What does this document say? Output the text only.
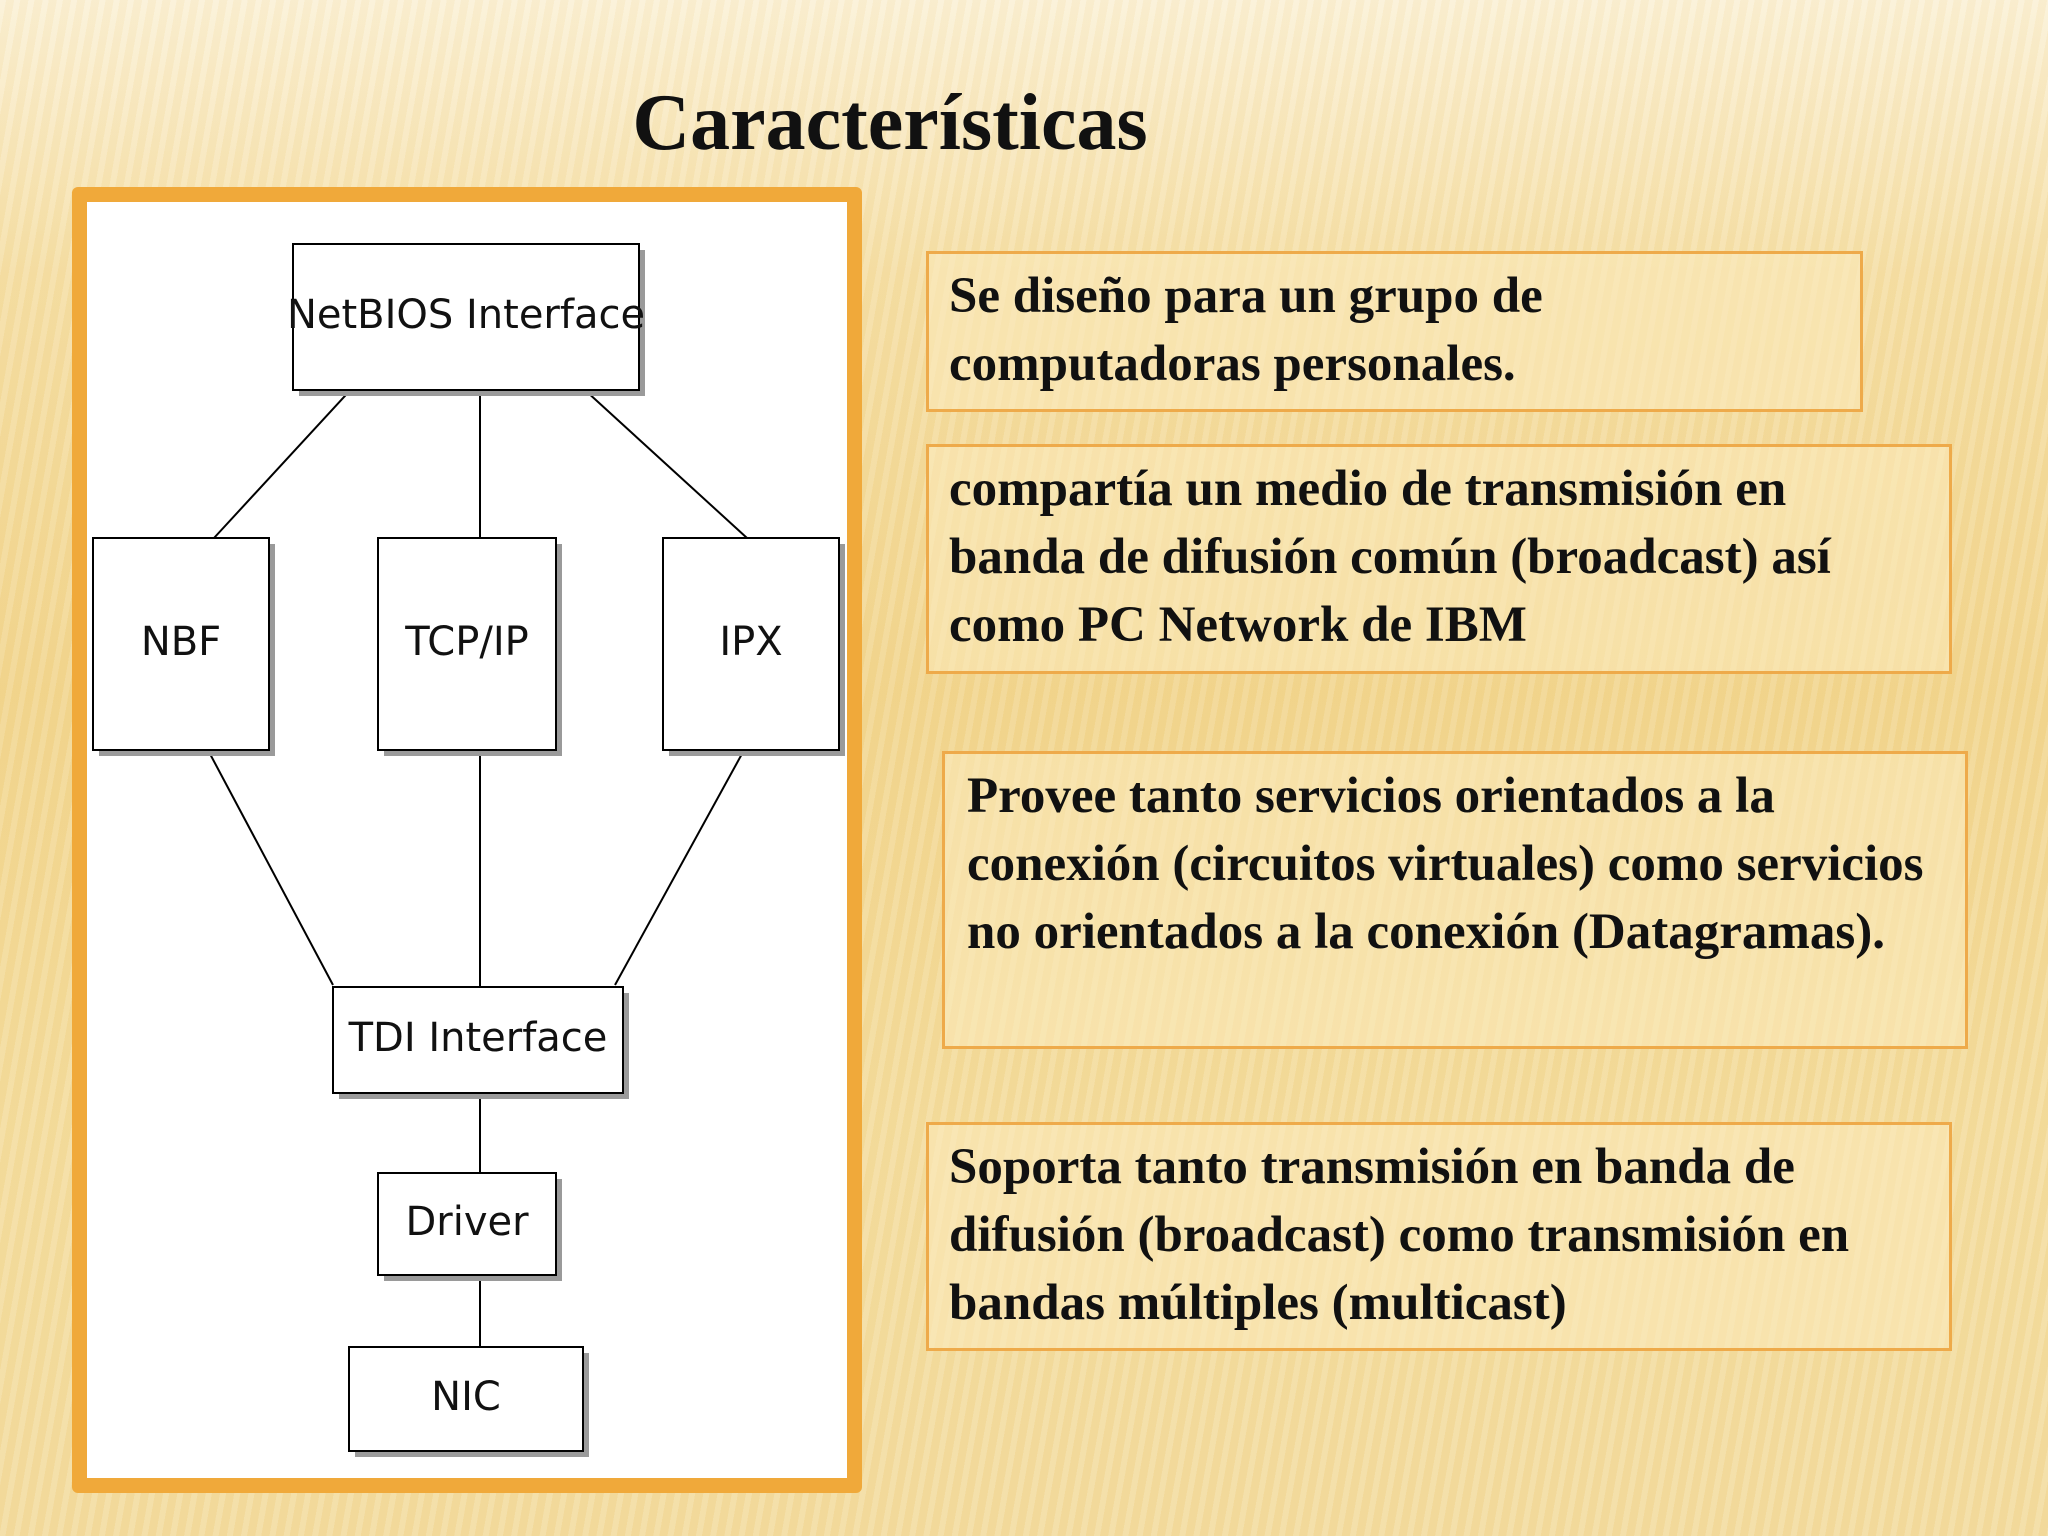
Características
NetBIOS Interface
NBF	TCP/IP	IPX
TDI Interface
Driver
NIC
Se diseño para un grupo de computadoras personales.
compartía un medio de transmisión en banda de difusión común (broadcast) así como PC Network de IBM
Provee tanto servicios orientados a la conexión (circuitos virtuales) como servicios no orientados a la conexión (Datagramas).
Soporta tanto transmisión en banda de difusión (broadcast) como transmisión en bandas múltiples (multicast)
